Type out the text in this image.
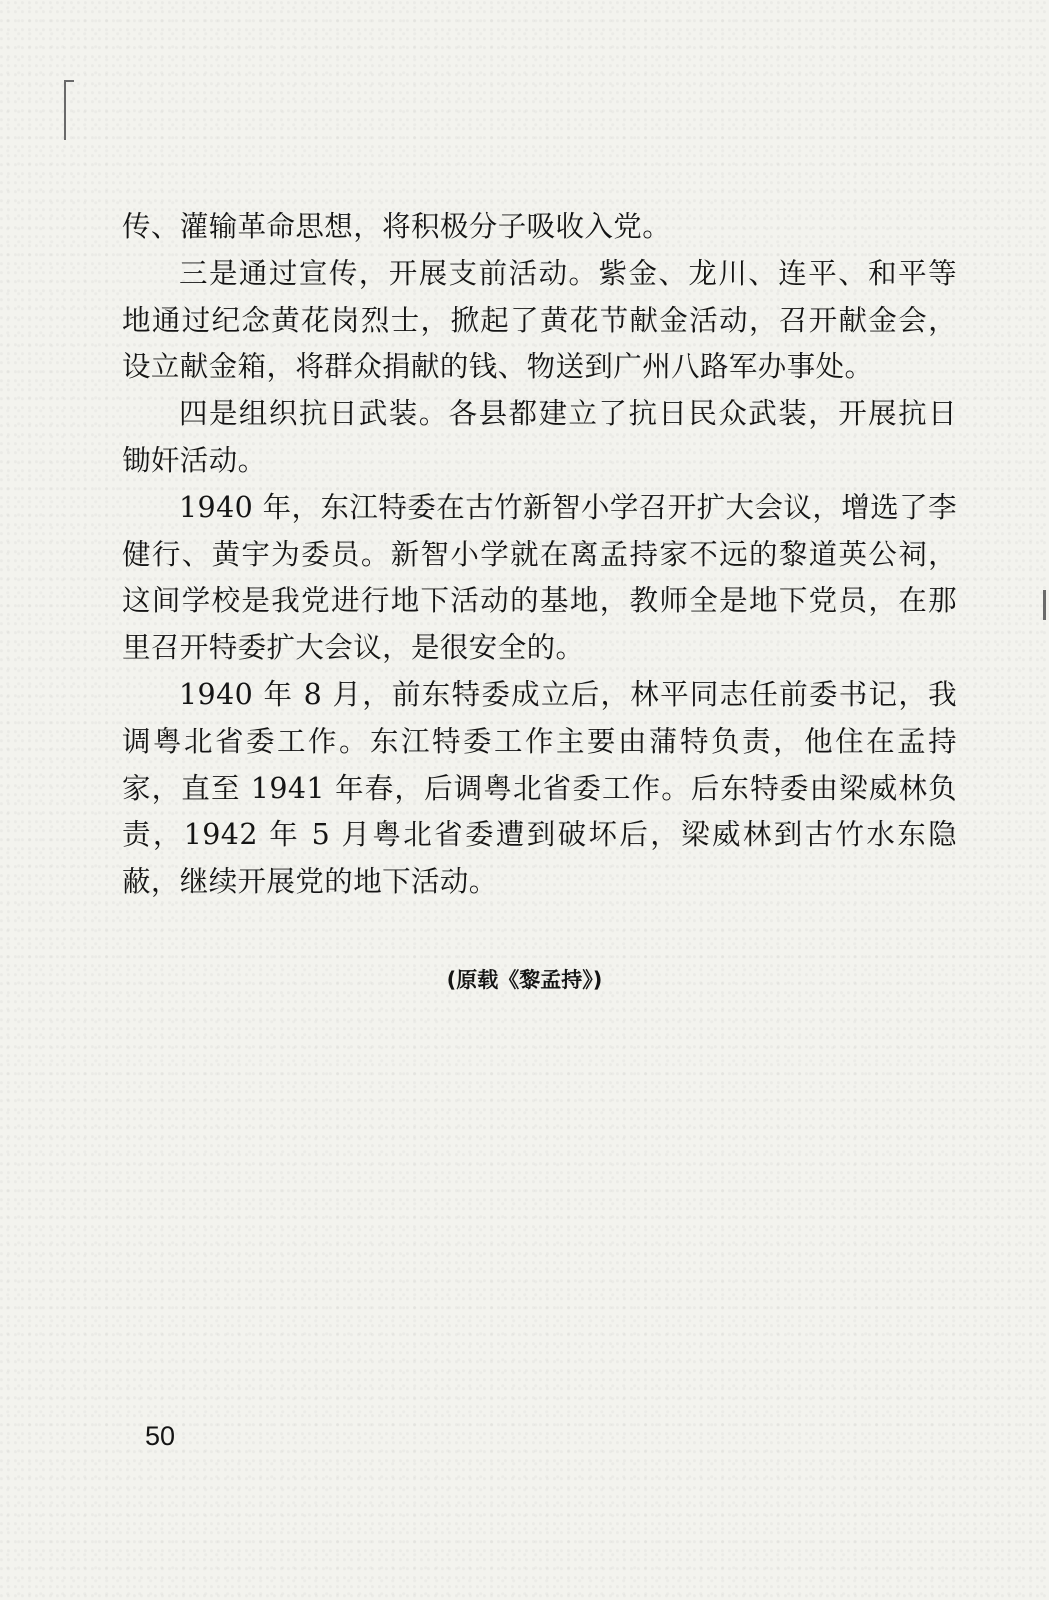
传、灌输革命思想，将积极分子吸收入党。

三是通过宣传，开展支前活动。紫金、龙川、连平、和平等地通过纪念黄花岗烈士，掀起了黄花节献金活动，召开献金会，设立献金箱，将群众捐献的钱、物送到广州八路军办事处。

四是组织抗日武装。各县都建立了抗日民众武装，开展抗日锄奸活动。

1940 年，东江特委在古竹新智小学召开扩大会议，增选了李健行、黄宇为委员。新智小学就在离孟持家不远的黎道英公祠，这间学校是我党进行地下活动的基地，教师全是地下党员，在那里召开特委扩大会议，是很安全的。

1940 年 8 月，前东特委成立后，林平同志任前委书记，我调粤北省委工作。东江特委工作主要由蒲特负责，他住在孟持家，直至 1941 年春，后调粤北省委工作。后东特委由梁威林负责，1942 年 5 月粤北省委遭到破坏后，梁威林到古竹水东隐蔽，继续开展党的地下活动。

(原载《黎孟持》)
50
